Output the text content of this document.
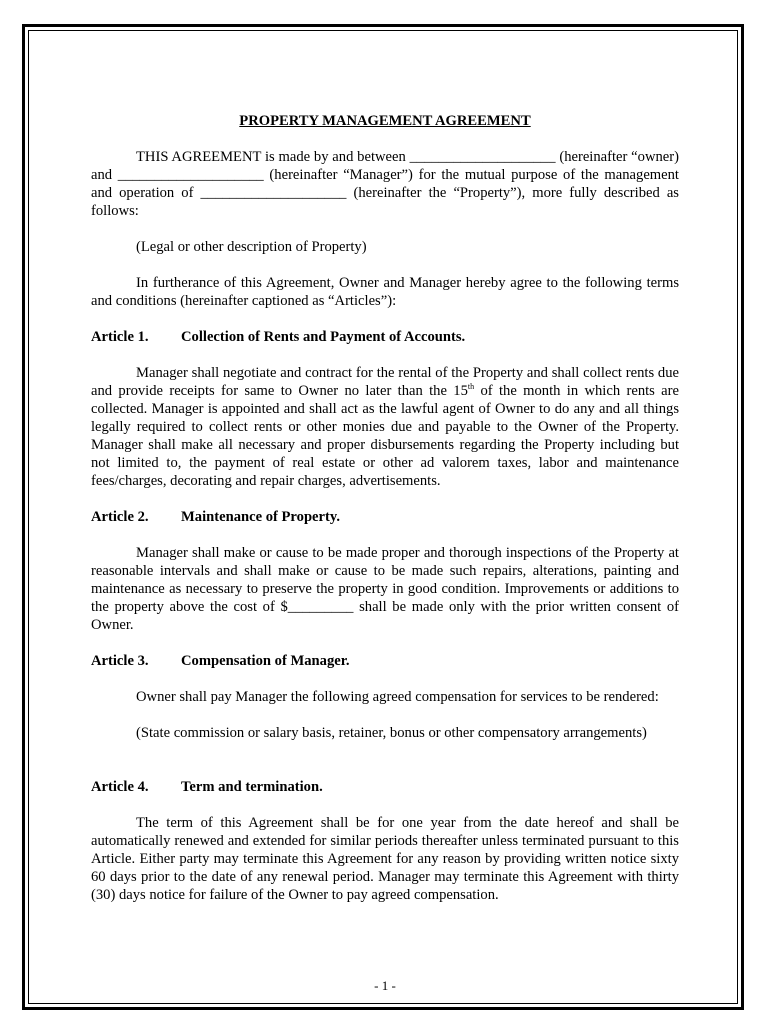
PROPERTY MANAGEMENT AGREEMENT

THIS AGREEMENT is made by and between ____________________ (hereinafter “owner) and ____________________ (hereinafter “Manager”) for the mutual purpose of the management and operation of ____________________ (hereinafter the “Property”), more fully described as follows:

(Legal or other description of Property)

In furtherance of this Agreement, Owner and Manager hereby agree to the following terms and conditions (hereinafter captioned as “Articles”):

Article 1.	Collection of Rents and Payment of Accounts.

Manager shall negotiate and contract for the rental of the Property and shall collect rents due and provide receipts for same to Owner no later than the 15th of the month in which rents are collected. Manager is appointed and shall act as the lawful agent of Owner to do any and all things legally required to collect rents or other monies due and payable to the Owner of the Property. Manager shall make all necessary and proper disbursements regarding the Property including but not limited to, the payment of real estate or other ad valorem taxes, labor and maintenance fees/charges, decorating and repair charges, advertisements.

Article 2.	Maintenance of Property.

Manager shall make or cause to be made proper and thorough inspections of the Property at reasonable intervals and shall make or cause to be made such repairs, alterations, painting and maintenance as necessary to preserve the property in good condition. Improvements or additions to the property above the cost of $_________ shall be made only with the prior written consent of Owner.

Article 3.	Compensation of Manager.

Owner shall pay Manager the following agreed compensation for services to be rendered:

(State commission or salary basis, retainer, bonus or other compensatory arrangements)

Article 4.	Term and termination.

The term of this Agreement shall be for one year from the date hereof and shall be automatically renewed and extended for similar periods thereafter unless terminated pursuant to this Article. Either party may terminate this Agreement for any reason by providing written notice sixty 60 days prior to the date of any renewal period. Manager may terminate this Agreement with thirty (30) days notice for failure of the Owner to pay agreed compensation.

- 1 -
